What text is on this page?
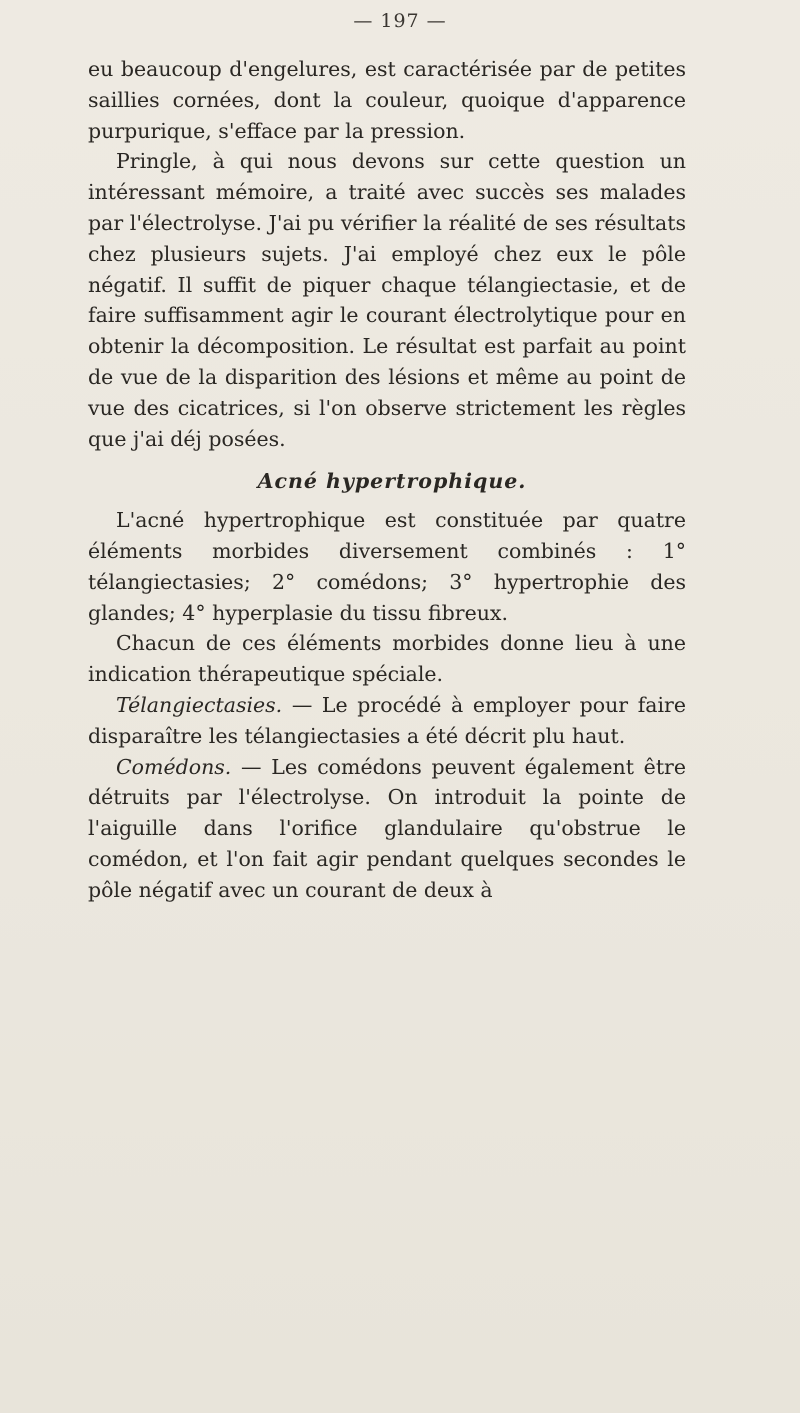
— 197 —

eu beaucoup d'engelures, est caractérisée par de petites saillies cornées, dont la couleur, quoique d'apparence purpurique, s'efface par la pression.

Pringle, à qui nous devons sur cette question un intéressant mémoire, a traité avec succès ses malades par l'électrolyse. J'ai pu vérifier la réalité de ses résultats chez plusieurs sujets. J'ai employé chez eux le pôle négatif. Il suffit de piquer chaque télangiectasie, et de faire suffisamment agir le courant électrolytique pour en obtenir la décomposition. Le résultat est parfait au point de vue de la disparition des lésions et même au point de vue des cicatrices, si l'on observe strictement les règles que j'ai déj posées.

Acné hypertrophique.

L'acné hypertrophique est constituée par quatre éléments morbides diversement combinés : 1° télangiectasies; 2° comédons; 3° hypertrophie des glandes; 4° hyperplasie du tissu fibreux.

Chacun de ces éléments morbides donne lieu à une indication thérapeutique spéciale.

Télangiectasies. — Le procédé à employer pour faire disparaître les télangiectasies a été décrit plu haut.

Comédons. — Les comédons peuvent également être détruits par l'électrolyse. On introduit la pointe de l'aiguille dans l'orifice glandulaire qu'obstrue le comédon, et l'on fait agir pendant quelques secondes le pôle négatif avec un courant de deux à
